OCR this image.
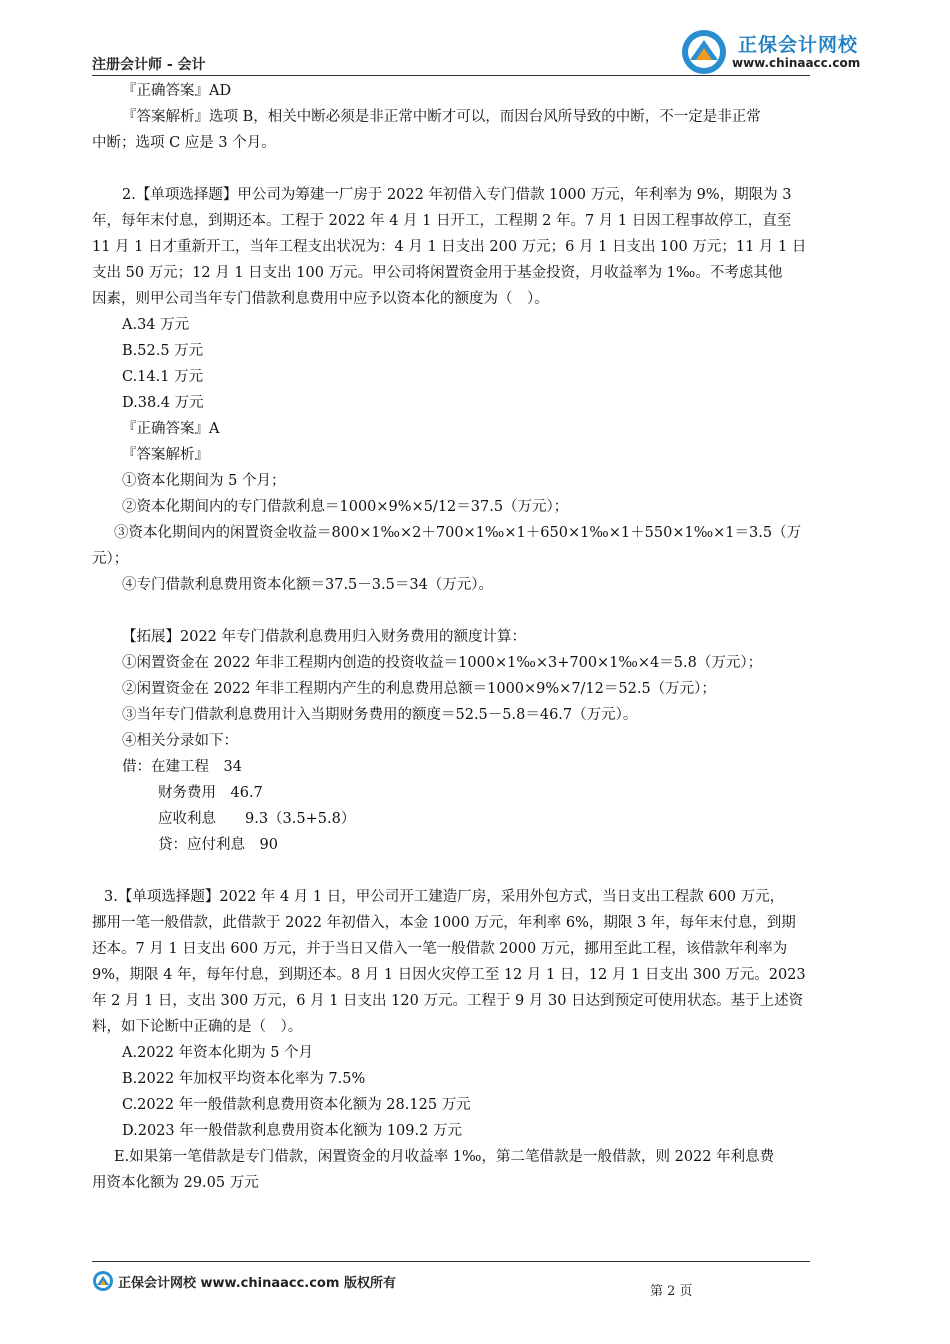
注册会计师 - 会计
正保会计网校
www.chinaacc.com
『正确答案』AD
『答案解析』选项 B，相关中断必须是非正常中断才可以，而因台风所导致的中断，不一定是非正常
中断；选项 C 应是 3 个月。
2.【单项选择题】甲公司为筹建一厂房于 2022 年初借入专门借款 1000 万元，年利率为 9%，期限为 3
年，每年末付息，到期还本。工程于 2022 年 4 月 1 日开工，工程期 2 年。7 月 1 日因工程事故停工，直至
11 月 1 日才重新开工，当年工程支出状况为：4 月 1 日支出 200 万元；6 月 1 日支出 100 万元；11 月 1 日
支出 50 万元；12 月 1 日支出 100 万元。甲公司将闲置资金用于基金投资，月收益率为 1‰。不考虑其他
因素，则甲公司当年专门借款利息费用中应予以资本化的额度为（　）。
A.34 万元
B.52.5 万元
C.14.1 万元
D.38.4 万元
『正确答案』A
『答案解析』
①资本化期间为 5 个月；
②资本化期间内的专门借款利息＝1000×9%×5/12＝37.5（万元）；
③资本化期间内的闲置资金收益＝800×1‰×2＋700×1‰×1＋650×1‰×1＋550×1‰×1＝3.5（万
元）；
④专门借款利息费用资本化额＝37.5－3.5＝34（万元）。
【拓展】2022 年专门借款利息费用归入财务费用的额度计算：
①闲置资金在 2022 年非工程期内创造的投资收益＝1000×1‰×3+700×1‰×4＝5.8（万元）；
②闲置资金在 2022 年非工程期内产生的利息费用总额＝1000×9%×7/12＝52.5（万元）；
③当年专门借款利息费用计入当期财务费用的额度＝52.5－5.8＝46.7（万元）。
④相关分录如下：
借：在建工程　34
财务费用　46.7
应收利息　　9.3（3.5+5.8）
贷：应付利息　90
3.【单项选择题】2022 年 4 月 1 日，甲公司开工建造厂房，采用外包方式，当日支出工程款 600 万元，
挪用一笔一般借款，此借款于 2022 年初借入，本金 1000 万元，年利率 6%，期限 3 年，每年末付息，到期
还本。7 月 1 日支出 600 万元，并于当日又借入一笔一般借款 2000 万元，挪用至此工程，该借款年利率为
9%，期限 4 年，每年付息，到期还本。8 月 1 日因火灾停工至 12 月 1 日，12 月 1 日支出 300 万元。2023
年 2 月 1 日，支出 300 万元，6 月 1 日支出 120 万元。工程于 9 月 30 日达到预定可使用状态。基于上述资
料，如下论断中正确的是（　）。
A.2022 年资本化期为 5 个月
B.2022 年加权平均资本化率为 7.5%
C.2022 年一般借款利息费用资本化额为 28.125 万元
D.2023 年一般借款利息费用资本化额为 109.2 万元
E.如果第一笔借款是专门借款，闲置资金的月收益率 1‰，第二笔借款是一般借款，则 2022 年利息费
用资本化额为 29.05 万元
正保会计网校 www.chinaacc.com 版权所有
第 2 页
